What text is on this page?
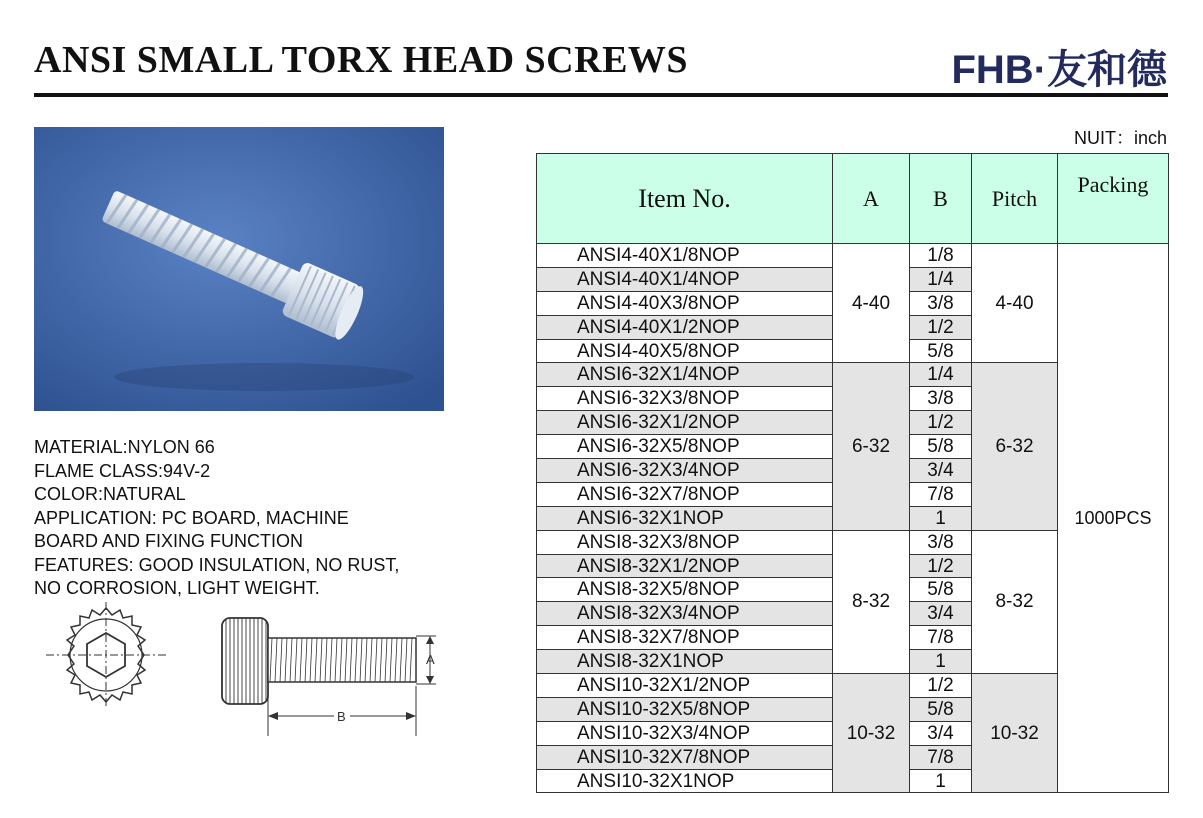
ANSI SMALL TORX HEAD SCREWS	FHB·友和德
MATERIAL:NYLON 66
FLAME CLASS:94V-2
COLOR:NATURAL
APPLICATION: PC BOARD, MACHINE
BOARD AND FIXING FUNCTION
FEATURES: GOOD INSULATION, NO RUST,
NO CORROSION, LIGHT WEIGHT.
A
B
NUIT：inch
Item No.	A	B	Pitch	Packing
ANSI4-40X1/8NOP	4-40	1/8	4-40	1000PCS
ANSI4-40X1/4NOP		1/4		
ANSI4-40X3/8NOP		3/8		
ANSI4-40X1/2NOP		1/2		
ANSI4-40X5/8NOP		5/8		
ANSI6-32X1/4NOP	6-32	1/4	6-32	
ANSI6-32X3/8NOP		3/8		
ANSI6-32X1/2NOP		1/2		
ANSI6-32X5/8NOP		5/8		
ANSI6-32X3/4NOP		3/4		
ANSI6-32X7/8NOP		7/8		
ANSI6-32X1NOP		1		
ANSI8-32X3/8NOP	8-32	3/8	8-32	
ANSI8-32X1/2NOP		1/2		
ANSI8-32X5/8NOP		5/8		
ANSI8-32X3/4NOP		3/4		
ANSI8-32X7/8NOP		7/8		
ANSI8-32X1NOP		1		
ANSI10-32X1/2NOP	10-32	1/2	10-32	
ANSI10-32X5/8NOP		5/8		
ANSI10-32X3/4NOP		3/4		
ANSI10-32X7/8NOP		7/8		
ANSI10-32X1NOP		1		
